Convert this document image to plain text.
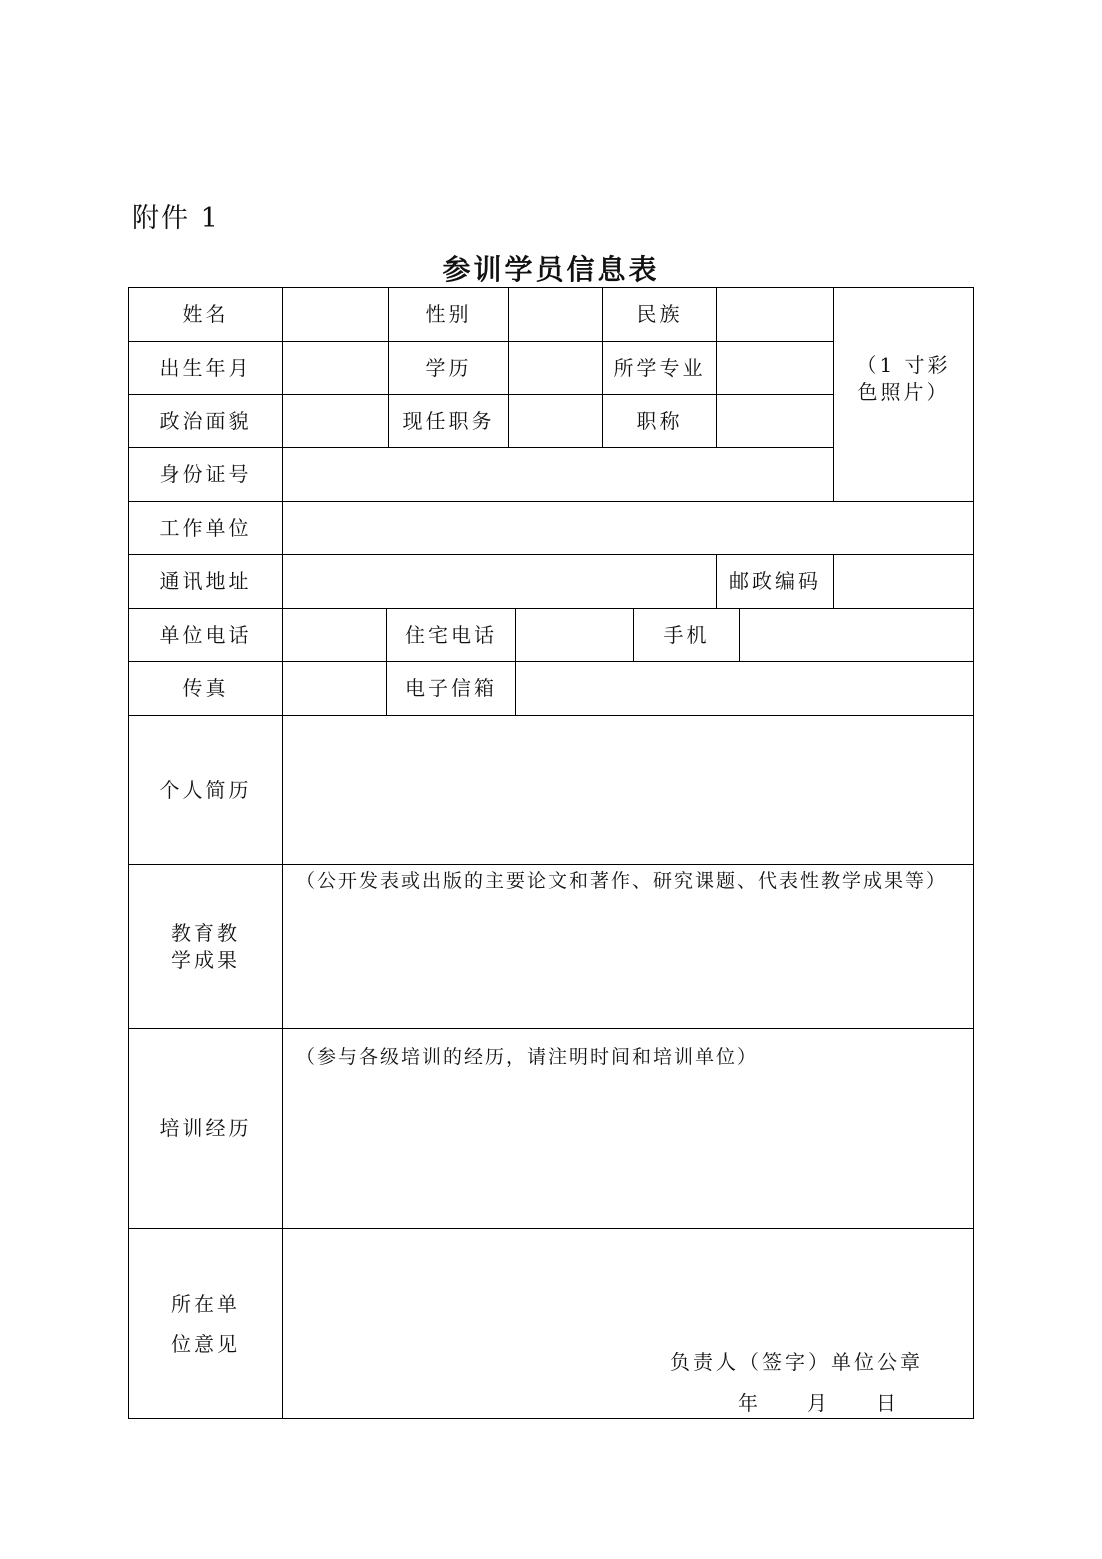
附件 1
参训学员信息表
姓名	性别	民族
（1 寸彩色照片）
出生年月	学历	所学专业
政治面貌	现任职务	职称
身份证号
工作单位
通讯地址	邮政编码
单位电话	住宅电话	手机
传真	电子信箱
个人简历
教育教学成果
（公开发表或出版的主要论文和著作、研究课题、代表性教学成果等）
培训经历
（参与各级培训的经历，请注明时间和培训单位）
所在单位意见
负责人（签字）单位公章
年　　月　　日
